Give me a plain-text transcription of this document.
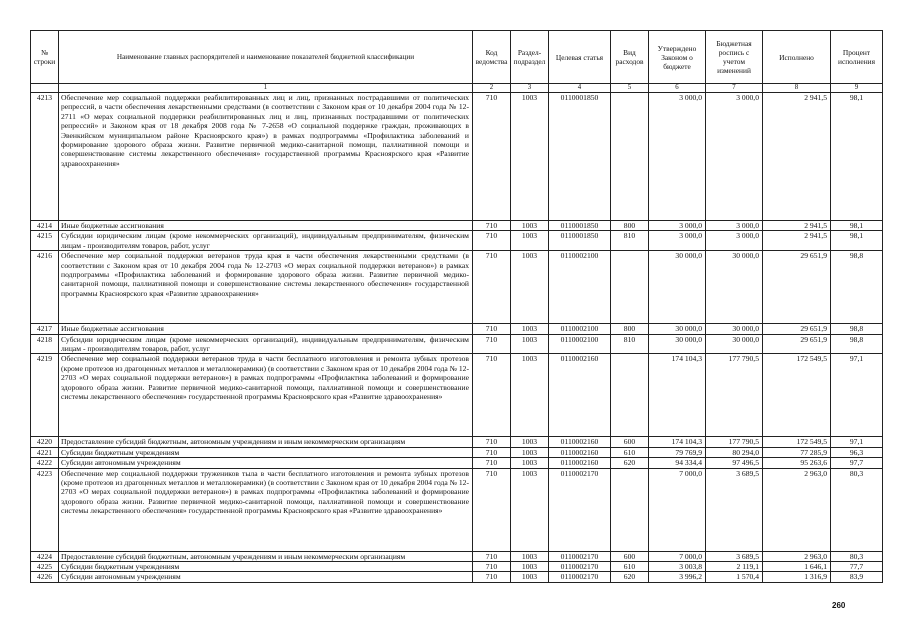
№ строки	Наименование главных распорядителей и наименование показателей бюджетной классификации	Код ведомства	Раздел-подраздел	Целевая статья	Вид расходов	Утверждено Законом о бюджете	Бюджетная роспись с учетом изменений	Исполнено	Процент исполнения
	1	2	3	4	5	6	7	8	9
4213	Обеспечение мер социальной поддержки реабилитированных лиц и лиц, признанных пострадавшими от политических репрессий, в части обеспечения лекарственными средствами (в соответствии с Законом края от 10 декабря 2004 года № 12-2711 «О мерах социальной поддержки реабилитированных лиц и лиц, признанных пострадавшими от политических репрессий» и Законом края от 18 декабря 2008 года № 7-2658 «О социальной поддержке граждан, проживающих в Эвенкийском муниципальном районе Красноярского края») в рамках подпрограммы «Профилактика заболеваний и формирование здорового образа жизни. Развитие первичной медико-санитарной помощи, паллиативной помощи и совершенствование системы лекарственного обеспечения» государственной программы Красноярского края «Развитие здравоохранения»	710	1003	0110001850		3 000,0	3 000,0	2 941,5	98,1
4214	Иные бюджетные ассигнования	710	1003	0110001850	800	3 000,0	3 000,0	2 941,5	98,1
4215	Субсидии юридическим лицам (кроме некоммерческих организаций), индивидуальным предпринимателям, физическим лицам - производителям товаров, работ, услуг	710	1003	0110001850	810	3 000,0	3 000,0	2 941,5	98,1
4216	Обеспечение мер социальной поддержки ветеранов труда края в части обеспечения лекарственными средствами (в соответствии с Законом края от 10 декабря 2004 года № 12-2703 «О мерах социальной поддержки ветеранов») в рамках подпрограммы «Профилактика заболеваний и формирование здорового образа жизни. Развитие первичной медико-санитарной помощи, паллиативной помощи и совершенствование системы лекарственного обеспечения» государственной программы Красноярского края «Развитие здравоохранения»	710	1003	0110002100		30 000,0	30 000,0	29 651,9	98,8
4217	Иные бюджетные ассигнования	710	1003	0110002100	800	30 000,0	30 000,0	29 651,9	98,8
4218	Субсидии юридическим лицам (кроме некоммерческих организаций), индивидуальным предпринимателям, физическим лицам - производителям товаров, работ, услуг	710	1003	0110002100	810	30 000,0	30 000,0	29 651,9	98,8
4219	Обеспечение мер социальной поддержки ветеранов труда в части бесплатного изготовления и ремонта зубных протезов (кроме протезов из драгоценных металлов и металлокерамики) (в соответствии с Законом края от 10 декабря 2004 года № 12-2703 «О мерах социальной поддержки ветеранов») в рамках подпрограммы «Профилактика заболеваний и формирование здорового образа жизни. Развитие первичной медико-санитарной помощи, паллиативной помощи и совершенствование системы лекарственного обеспечения» государственной программы Красноярского края «Развитие здравоохранения»	710	1003	0110002160		174 104,3	177 790,5	172 549,5	97,1
4220	Предоставление субсидий бюджетным, автономным учреждениям и иным некоммерческим организациям	710	1003	0110002160	600	174 104,3	177 790,5	172 549,5	97,1
4221	Субсидии бюджетным учреждениям	710	1003	0110002160	610	79 769,9	80 294,0	77 285,9	96,3
4222	Субсидии автономным учреждениям	710	1003	0110002160	620	94 334,4	97 496,5	95 263,6	97,7
4223	Обеспечение мер социальной поддержки тружеников тыла в части бесплатного изготовления и ремонта зубных протезов (кроме протезов из драгоценных металлов и металлокерамики) (в соответствии с Законом края от 10 декабря 2004 года № 12-2703 «О мерах социальной поддержки ветеранов») в рамках подпрограммы «Профилактика заболеваний и формирование здорового образа жизни. Развитие первичной медико-санитарной помощи, паллиативной помощи и совершенствование системы лекарственного обеспечения» государственной программы Красноярского края «Развитие здравоохранения»	710	1003	0110002170		7 000,0	3 689,5	2 963,0	80,3
4224	Предоставление субсидий бюджетным, автономным учреждениям и иным некоммерческим организациям	710	1003	0110002170	600	7 000,0	3 689,5	2 963,0	80,3
4225	Субсидии бюджетным учреждениям	710	1003	0110002170	610	3 003,8	2 119,1	1 646,1	77,7
4226	Субсидии автономным учреждениям	710	1003	0110002170	620	3 996,2	1 570,4	1 316,9	83,9
260
